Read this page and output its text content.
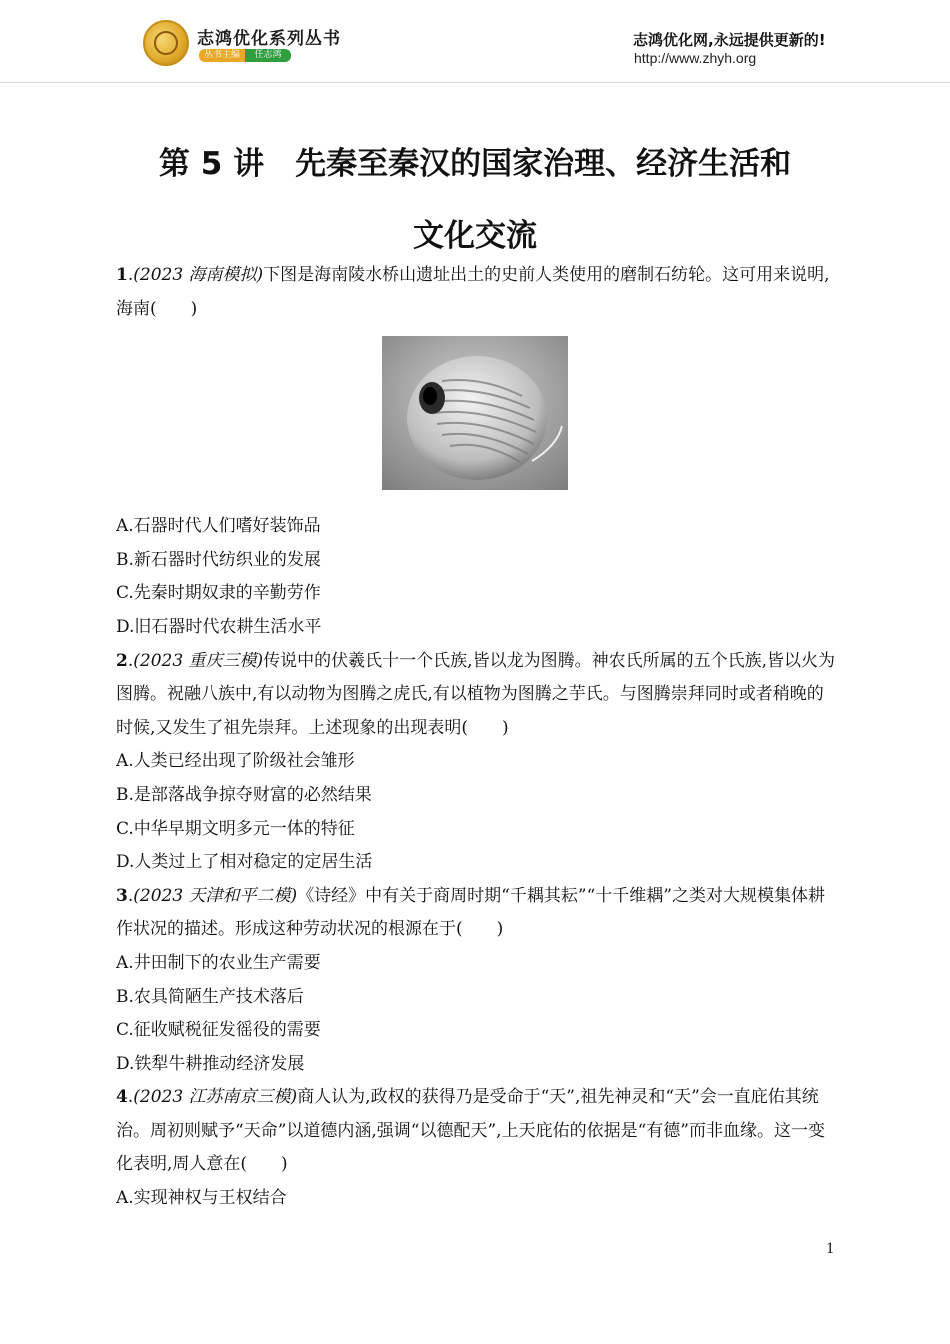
志鸿优化系列丛书
丛书主编	任志鸿
志鸿优化网,永远提供更新的!
http://www.zhyh.org
第 5 讲　先秦至秦汉的国家治理、经济生活和
文化交流

1.(2023 海南模拟)下图是海南陵水桥山遗址出土的史前人类使用的磨制石纺轮。这可用来说明,海南(　　)

A.石器时代人们嗜好装饰品

B.新石器时代纺织业的发展

C.先秦时期奴隶的辛勤劳作

D.旧石器时代农耕生活水平

2.(2023 重庆三模)传说中的伏羲氏十一个氏族,皆以龙为图腾。神农氏所属的五个氏族,皆以火为图腾。祝融八族中,有以动物为图腾之虎氏,有以植物为图腾之芋氏。与图腾崇拜同时或者稍晚的时候,又发生了祖先崇拜。上述现象的出现表明(　　)

A.人类已经出现了阶级社会雏形

B.是部落战争掠夺财富的必然结果

C.中华早期文明多元一体的特征

D.人类过上了相对稳定的定居生活

3.(2023 天津和平二模)《诗经》中有关于商周时期“千耦其耘”“十千维耦”之类对大规模集体耕作状况的描述。形成这种劳动状况的根源在于(　　)

A.井田制下的农业生产需要

B.农具简陋生产技术落后

C.征收赋税征发徭役的需要

D.铁犁牛耕推动经济发展

4.(2023 江苏南京三模)商人认为,政权的获得乃是受命于“天”,祖先神灵和“天”会一直庇佑其统治。周初则赋予“天命”以道德内涵,强调“以德配天”,上天庇佑的依据是“有德”而非血缘。这一变化表明,周人意在(　　)

A.实现神权与王权结合

1
